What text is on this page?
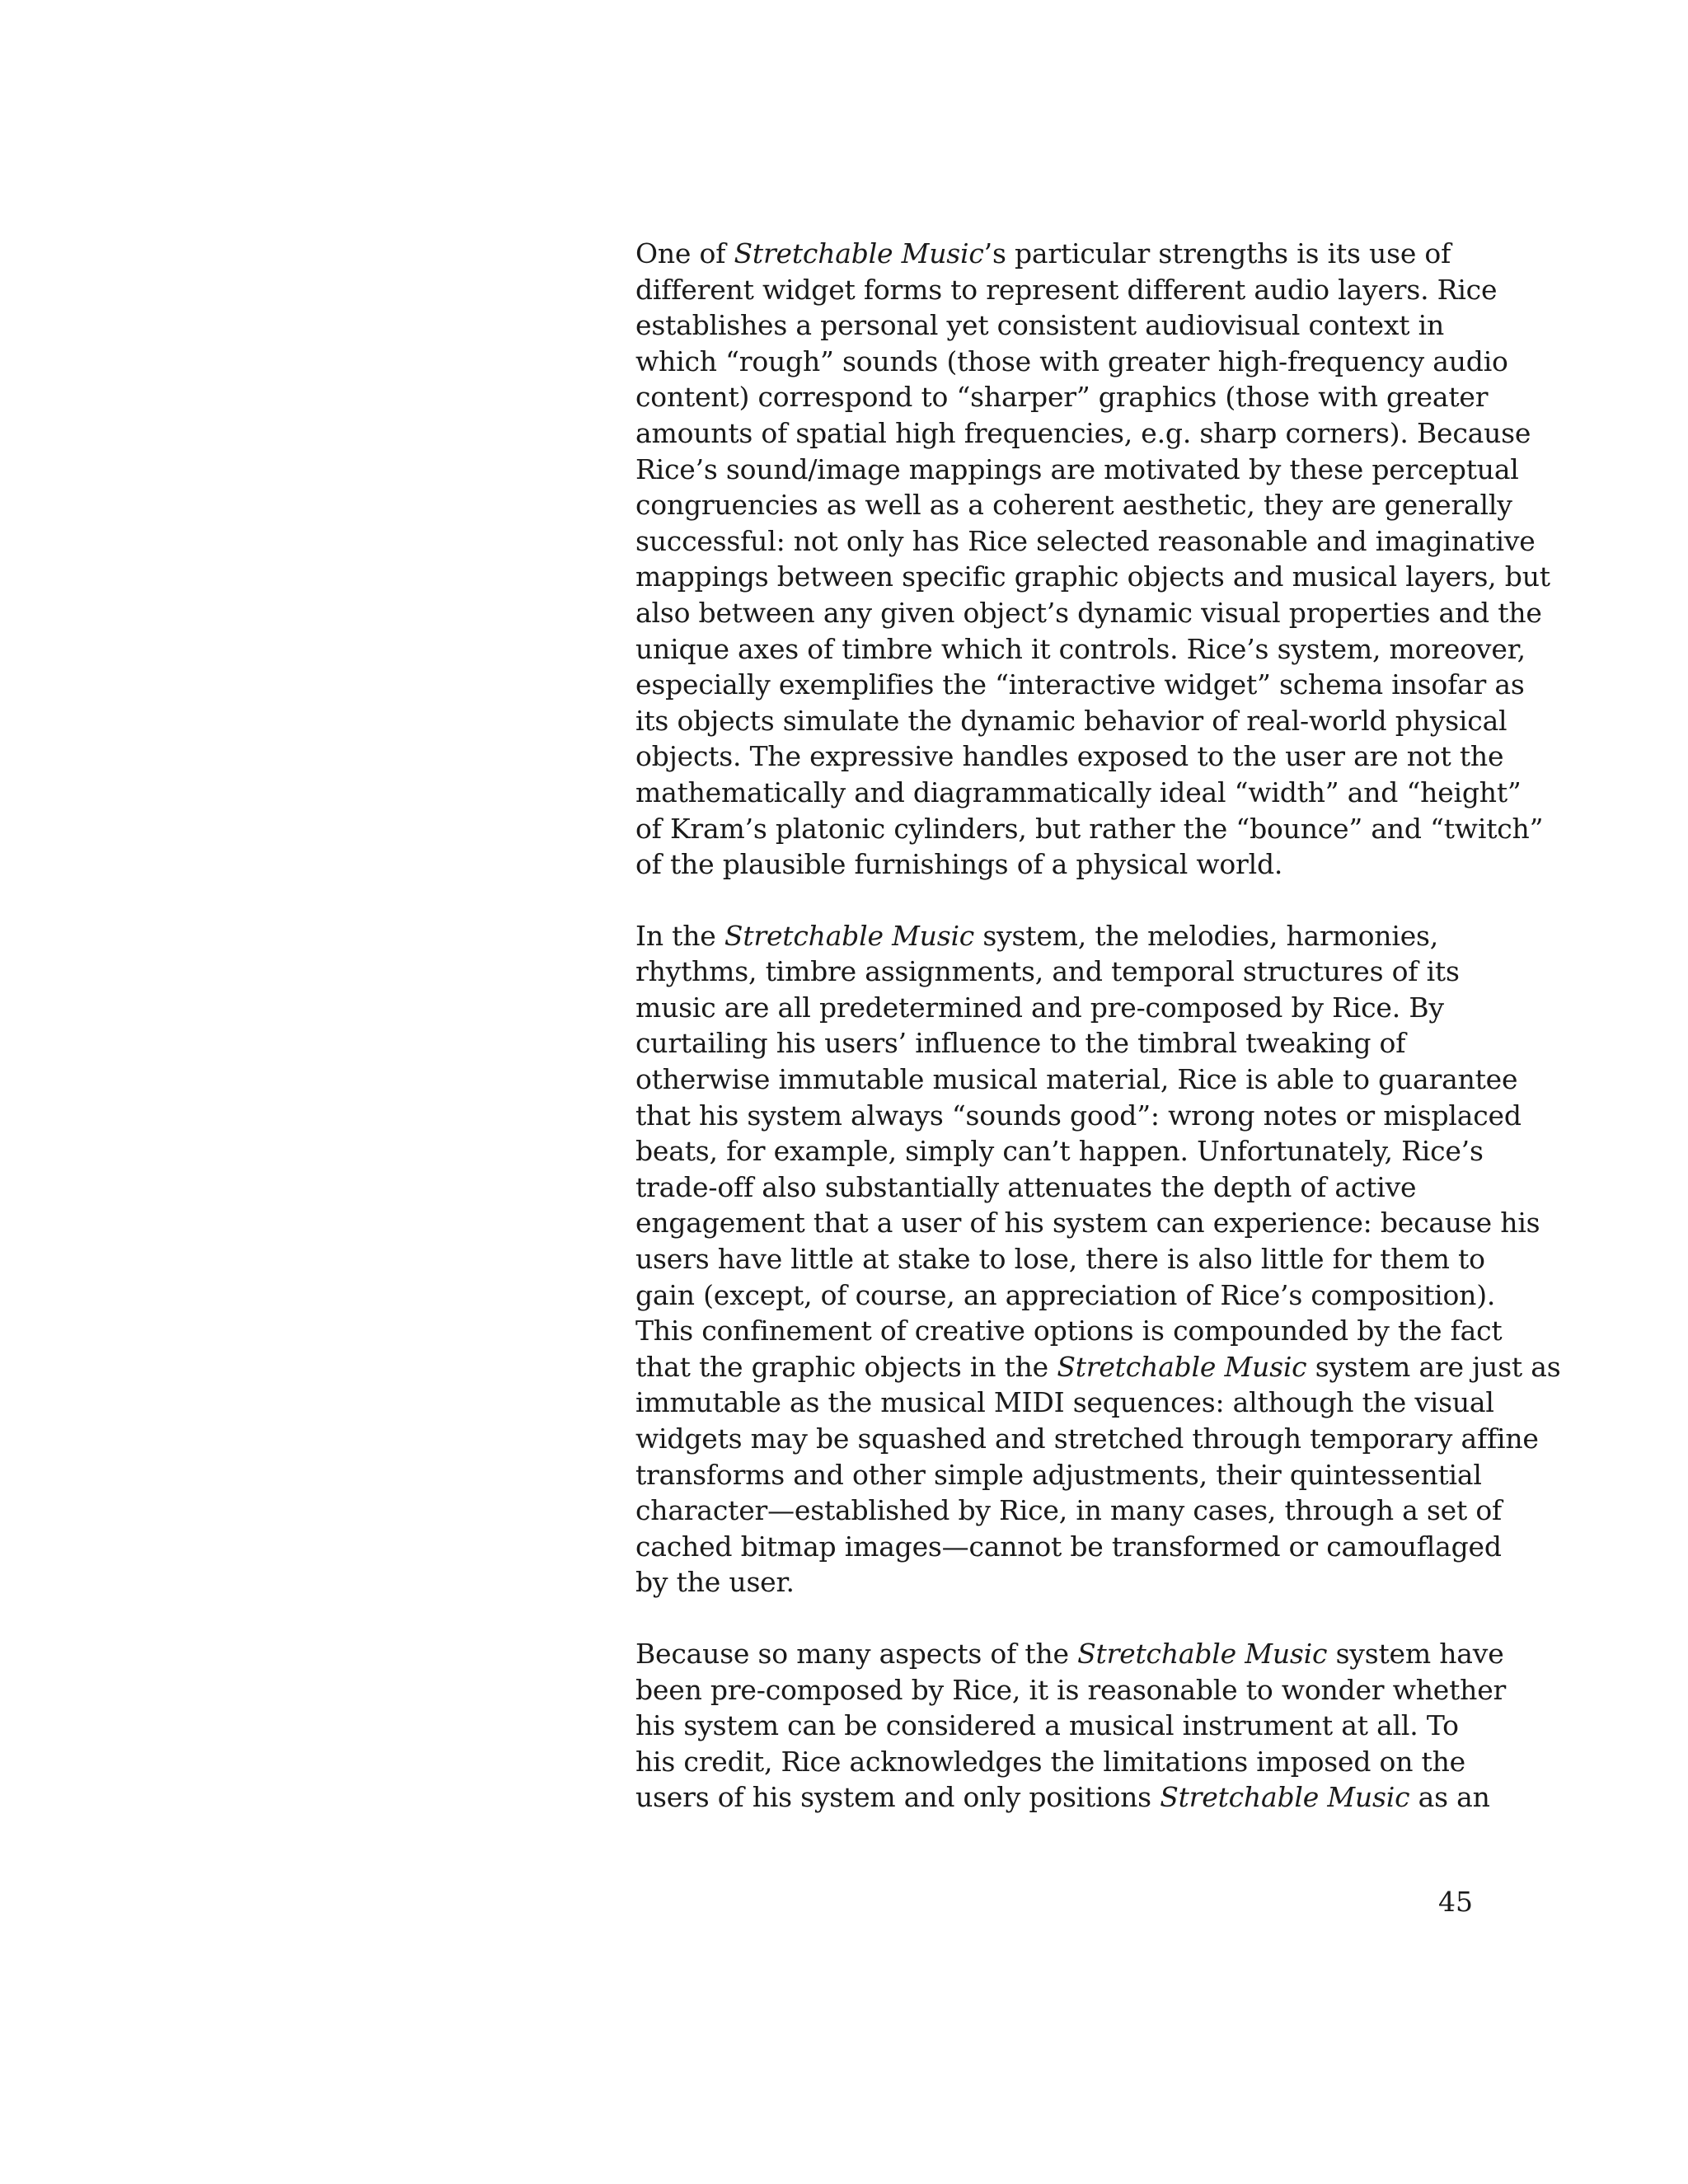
One of Stretchable Music’s particular strengths is its use of
different widget forms to represent different audio layers. Rice
establishes a personal yet consistent audiovisual context in
which “rough” sounds (those with greater high-frequency audio
content) correspond to “sharper” graphics (those with greater
amounts of spatial high frequencies, e.g. sharp corners). Because
Rice’s sound/image mappings are motivated by these perceptual
congruencies as well as a coherent aesthetic, they are generally
successful: not only has Rice selected reasonable and imaginative
mappings between specific graphic objects and musical layers, but
also between any given object’s dynamic visual properties and the
unique axes of timbre which it controls. Rice’s system, moreover,
especially exemplifies the “interactive widget” schema insofar as
its objects simulate the dynamic behavior of real-world physical
objects. The expressive handles exposed to the user are not the
mathematically and diagrammatically ideal “width” and “height”
of Kram’s platonic cylinders, but rather the “bounce” and “twitch”
of the plausible furnishings of a physical world.
In the Stretchable Music system, the melodies, harmonies,
rhythms, timbre assignments, and temporal structures of its
music are all predetermined and pre-composed by Rice. By
curtailing his users’ influence to the timbral tweaking of
otherwise immutable musical material, Rice is able to guarantee
that his system always “sounds good”: wrong notes or misplaced
beats, for example, simply can’t happen. Unfortunately, Rice’s
trade-off also substantially attenuates the depth of active
engagement that a user of his system can experience: because his
users have little at stake to lose, there is also little for them to
gain (except, of course, an appreciation of Rice’s composition).
This confinement of creative options is compounded by the fact
that the graphic objects in the Stretchable Music system are just as
immutable as the musical MIDI sequences: although the visual
widgets may be squashed and stretched through temporary affine
transforms and other simple adjustments, their quintessential
character—established by Rice, in many cases, through a set of
cached bitmap images—cannot be transformed or camouflaged
by the user.
Because so many aspects of the Stretchable Music system have
been pre-composed by Rice, it is reasonable to wonder whether
his system can be considered a musical instrument at all. To
his credit, Rice acknowledges the limitations imposed on the
users of his system and only positions Stretchable Music as an
45
